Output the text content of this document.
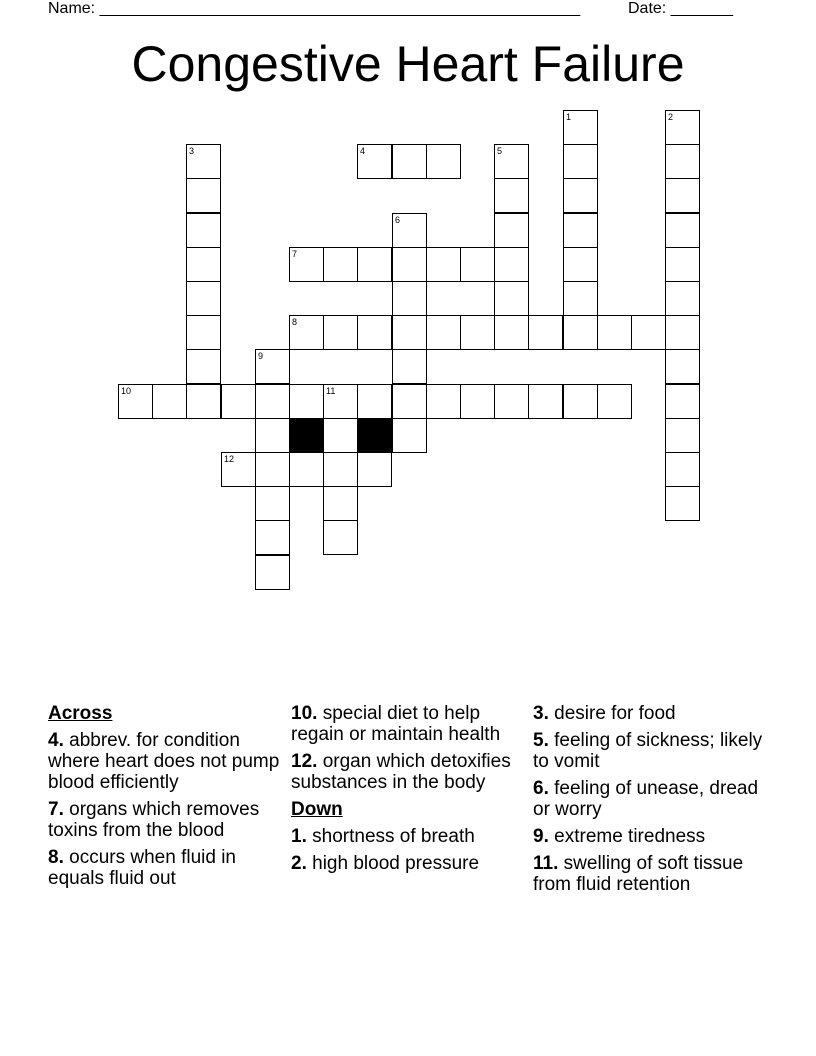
Name: ______________________________________________________	Date: _______
Congestive Heart Failure
1	2
3	4	5
6
7
8
9
10	11
12
Across
4. abbrev. for condition where heart does not pump blood efficiently
7. organs which removes toxins from the blood
8. occurs when fluid in equals fluid out
10. special diet to help regain or maintain health
12. organ which detoxifies substances in the body
Down
1. shortness of breath
2. high blood pressure
3. desire for food
5. feeling of sickness; likely to vomit
6. feeling of unease, dread or worry
9. extreme tiredness
11. swelling of soft tissue from fluid retention
